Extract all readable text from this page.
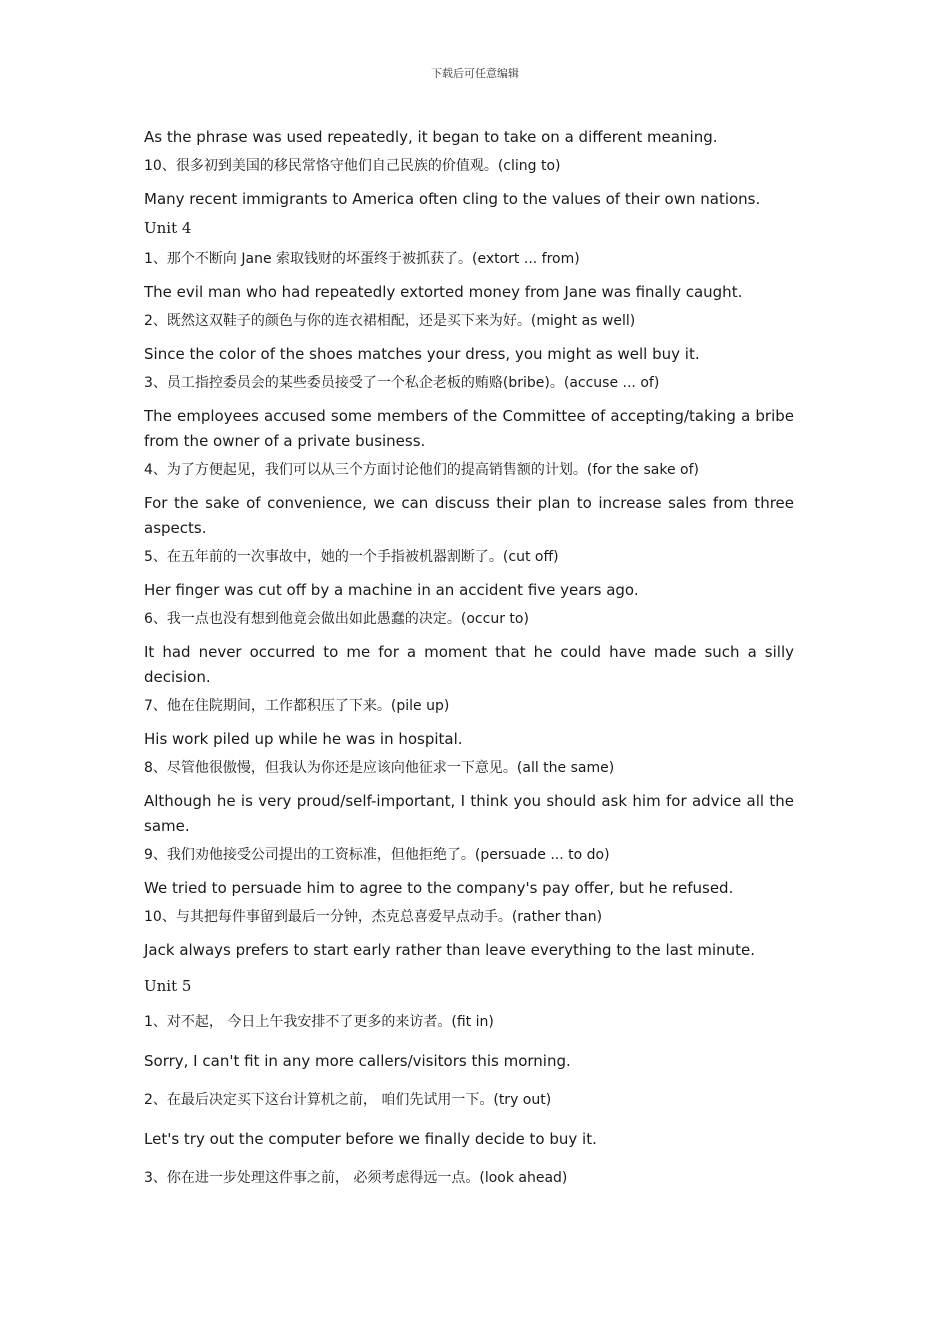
下载后可任意编辑

As the phrase was used repeatedly, it began to take on a different meaning.

10、很多初到美国的移民常恪守他们自己民族的价值观。(cling to)

Many recent immigrants to America often cling to the values of their own nations.

Unit 4

1、那个不断向 Jane 索取钱财的坏蛋终于被抓获了。(extort ... from)

The evil man who had repeatedly extorted money from Jane was finally caught.

2、既然这双鞋子的颜色与你的连衣裙相配，还是买下来为好。(might as well)

Since the color of the shoes matches your dress, you might as well buy it.

3、员工指控委员会的某些委员接受了一个私企老板的贿赂(bribe)。(accuse ... of)

The employees accused some members of the Committee of accepting/taking a bribe from the owner of a private business.

4、为了方便起见，我们可以从三个方面讨论他们的提高销售额的计划。(for the sake of)

For the sake of convenience, we can discuss their plan to increase sales from three aspects.

5、在五年前的一次事故中，她的一个手指被机器割断了。(cut off)

Her finger was cut off by a machine in an accident five years ago.

6、我一点也没有想到他竟会做出如此愚蠢的决定。(occur to)

It had never occurred to me for a moment that he could have made such a silly decision.

7、他在住院期间，工作都积压了下来。(pile up)

His work piled up while he was in hospital.

8、尽管他很傲慢，但我认为你还是应该向他征求一下意见。(all the same)

Although he is very proud/self-important, I think you should ask him for advice all the same.

9、我们劝他接受公司提出的工资标准，但他拒绝了。(persuade ... to do)

We tried to persuade him to agree to the company's pay offer, but he refused.

10、与其把每件事留到最后一分钟，杰克总喜爱早点动手。(rather than)

Jack always prefers to start early rather than leave everything to the last minute.

Unit 5

1、对不起， 今日上午我安排不了更多的来访者。(fit in)

Sorry, I can't fit in any more callers/visitors this morning.

2、在最后决定买下这台计算机之前， 咱们先试用一下。(try out)

Let's try out the computer before we finally decide to buy it.

3、你在进一步处理这件事之前， 必须考虑得远一点。(look ahead)
